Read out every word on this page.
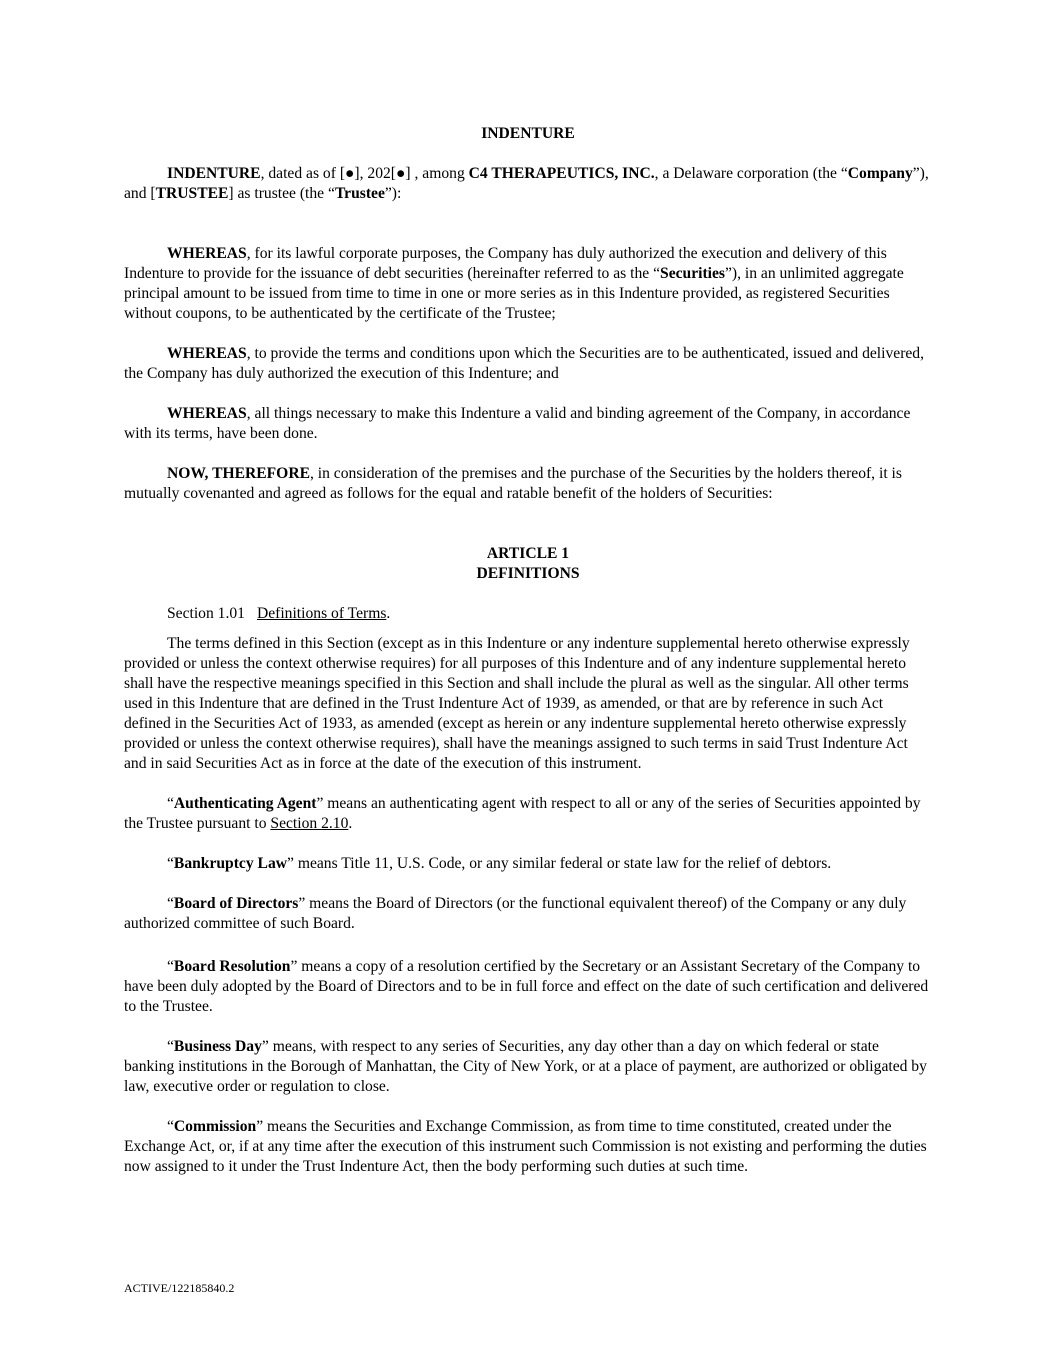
INDENTURE

INDENTURE, dated as of [●], 202[●] , among C4 THERAPEUTICS, INC., a Delaware corporation (the “Company”), and [TRUSTEE] as trustee (the “Trustee”):

WHEREAS, for its lawful corporate purposes, the Company has duly authorized the execution and delivery of this Indenture to provide for the issuance of debt securities (hereinafter referred to as the “Securities”), in an unlimited aggregate principal amount to be issued from time to time in one or more series as in this Indenture provided, as registered Securities without coupons, to be authenticated by the certificate of the Trustee;

WHEREAS, to provide the terms and conditions upon which the Securities are to be authenticated, issued and delivered, the Company has duly authorized the execution of this Indenture; and

WHEREAS, all things necessary to make this Indenture a valid and binding agreement of the Company, in accordance with its terms, have been done.

NOW, THEREFORE, in consideration of the premises and the purchase of the Securities by the holders thereof, it is mutually covenanted and agreed as follows for the equal and ratable benefit of the holders of Securities:

ARTICLE 1
DEFINITIONS
Section 1.01 Definitions of Terms.

The terms defined in this Section (except as in this Indenture or any indenture supplemental hereto otherwise expressly provided or unless the context otherwise requires) for all purposes of this Indenture and of any indenture supplemental hereto shall have the respective meanings specified in this Section and shall include the plural as well as the singular. All other terms used in this Indenture that are defined in the Trust Indenture Act of 1939, as amended, or that are by reference in such Act defined in the Securities Act of 1933, as amended (except as herein or any indenture supplemental hereto otherwise expressly provided or unless the context otherwise requires), shall have the meanings assigned to such terms in said Trust Indenture Act and in said Securities Act as in force at the date of the execution of this instrument.

“Authenticating Agent” means an authenticating agent with respect to all or any of the series of Securities appointed by the Trustee pursuant to Section 2.10.

“Bankruptcy Law” means Title 11, U.S. Code, or any similar federal or state law for the relief of debtors.

“Board of Directors” means the Board of Directors (or the functional equivalent thereof) of the Company or any duly authorized committee of such Board.

“Board Resolution” means a copy of a resolution certified by the Secretary or an Assistant Secretary of the Company to have been duly adopted by the Board of Directors and to be in full force and effect on the date of such certification and delivered to the Trustee.

“Business Day” means, with respect to any series of Securities, any day other than a day on which federal or state banking institutions in the Borough of Manhattan, the City of New York, or at a place of payment, are authorized or obligated by law, executive order or regulation to close.

“Commission” means the Securities and Exchange Commission, as from time to time constituted, created under the Exchange Act, or, if at any time after the execution of this instrument such Commission is not existing and performing the duties now assigned to it under the Trust Indenture Act, then the body performing such duties at such time.

ACTIVE/122185840.2
